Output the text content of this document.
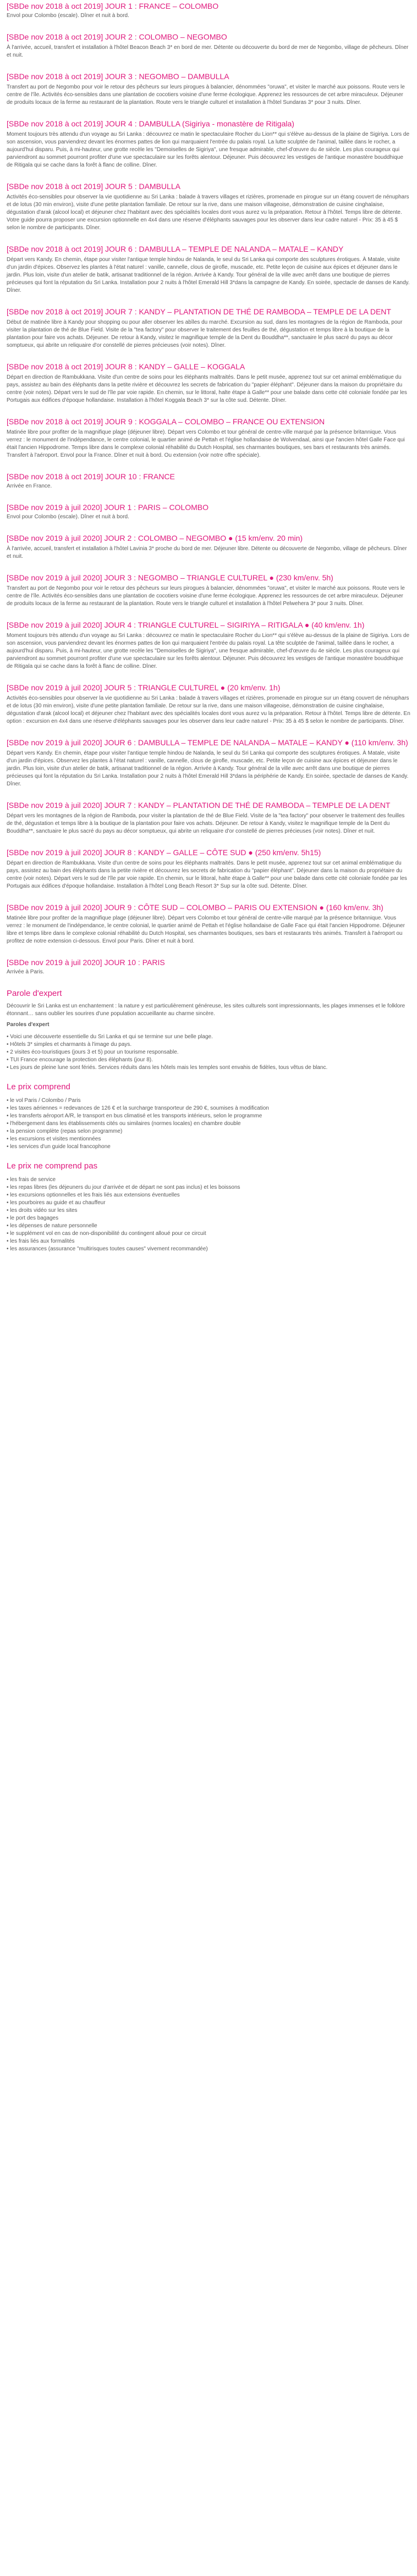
[SBDe nov 2018 à oct 2019] JOUR 1 : FRANCE – COLOMBO

Envol pour Colombo (escale). Dîner et nuit à bord.

[SBDe nov 2018 à oct 2019] JOUR 2 : COLOMBO – NEGOMBO

À l'arrivée, accueil, transfert et installation à l'hôtel Beacon Beach 3* en bord de mer. Détente ou découverte du bord de mer de Negombo, village de pêcheurs. Dîner et nuit.

[SBDe nov 2018 à oct 2019] JOUR 3 : NEGOMBO – DAMBULLA

Transfert au port de Negombo pour voir le retour des pêcheurs sur leurs pirogues à balancier, dénommées "oruwa", et visiter le marché aux poissons. Route vers le centre de l'île. Activités éco-sensibles dans une plantation de cocotiers voisine d'une ferme écologique. Apprenez les ressources de cet arbre miraculeux. Déjeuner de produits locaux de la ferme au restaurant de la plantation. Route vers le triangle culturel et installation à l'hôtel Sundaras 3* pour 3 nuits. Dîner.

[SBDe nov 2018 à oct 2019] JOUR 4 : DAMBULLA (Sigiriya - monastère de Ritigala)

Moment toujours très attendu d'un voyage au Sri Lanka : découvrez ce matin le spectaculaire Rocher du Lion** qui s'élève au-dessus de la plaine de Sigiriya. Lors de son ascension, vous parviendrez devant les énormes pattes de lion qui marquaient l'entrée du palais royal. La lutte sculptée de l'animal, taillée dans le rocher, a aujourd'hui disparu. Puis, à mi-hauteur, une grotte recèle les "Demoiselles de Sigiriya", une fresque admirable, chef-d'œuvre du 4e siècle. Les plus courageux qui parviendront au sommet pourront profiter d'une vue spectaculaire sur les forêts alentour. Déjeuner. Puis découvrez les vestiges de l'antique monastère bouddhique de Ritigala qui se cache dans la forêt à flanc de colline. Dîner.

[SBDe nov 2018 à oct 2019] JOUR 5 : DAMBULLA

Activités éco-sensibles pour observer la vie quotidienne au Sri Lanka : balade à travers villages et rizières, promenade en pirogue sur un étang couvert de nénuphars et de lotus (30 min environ), visite d'une petite plantation familiale. De retour sur la rive, dans une maison villageoise, démonstration de cuisine cinghalaise, dégustation d'arak (alcool local) et déjeuner chez l'habitant avec des spécialités locales dont vous aurez vu la préparation. Retour à l'hôtel. Temps libre de détente. Votre guide pourra proposer une excursion optionnelle en 4x4 dans une réserve d'éléphants sauvages pour les observer dans leur cadre naturel - Prix: 35 à 45 $ selon le nombre de participants. Dîner.

[SBDe nov 2018 à oct 2019] JOUR 6 : DAMBULLA – TEMPLE DE NALANDA – MATALE – KANDY

Départ vers Kandy. En chemin, étape pour visiter l'antique temple hindou de Nalanda, le seul du Sri Lanka qui comporte des sculptures érotiques. À Matale, visite d'un jardin d'épices. Observez les plantes à l'état naturel : vanille, cannelle, clous de girofle, muscade, etc. Petite leçon de cuisine aux épices et déjeuner dans le jardin. Plus loin, visite d'un atelier de batik, artisanat traditionnel de la région. Arrivée à Kandy. Tour général de la ville avec arrêt dans une boutique de pierres précieuses qui font la réputation du Sri Lanka. Installation pour 2 nuits à l'hôtel Emerald Hill 3*dans la campagne de Kandy. En soirée, spectacle de danses de Kandy. Dîner.

[SBDe nov 2018 à oct 2019] JOUR 7 : KANDY – PLANTATION DE THÉ DE RAMBODA – TEMPLE DE LA DENT

Début de matinée libre à Kandy pour shopping ou pour aller observer les abîles du marché. Excursion au sud, dans les montagnes de la région de Ramboda, pour visiter la plantation de thé de Blue Field. Visite de la "tea factory" pour observer le traitement des feuilles de thé, dégustation et temps libre à la boutique de la plantation pour faire vos achats. Déjeuner. De retour à Kandy, visitez le magnifique temple de la Dent du Bouddha**, sanctuaire le plus sacré du pays au décor somptueux, qui abrite un reliquaire d'or constellé de pierres précieuses (voir notes). Dîner.

[SBDe nov 2018 à oct 2019] JOUR 8 : KANDY – GALLE – KOGGALA

Départ en direction de Rambukkana. Visite d'un centre de soins pour les éléphants maltraités. Dans le petit musée, apprenez tout sur cet animal emblématique du pays, assistez au bain des éléphants dans la petite rivière et découvrez les secrets de fabrication du "papier éléphant". Déjeuner dans la maison du propriétaire du centre (voir notes). Départ vers le sud de l'île par voie rapide. En chemin, sur le littoral, halte étape à Galle** pour une balade dans cette cité coloniale fondée par les Portugais aux édifices d'époque hollandaise. Installation à l'hôtel Koggala Beach 3* sur la côte sud. Détente. Dîner.

[SBDe nov 2018 à oct 2019] JOUR 9 : KOGGALA – COLOMBO – FRANCE OU EXTENSION

Matinée libre pour profiter de la magnifique plage (déjeuner libre). Départ vers Colombo et tour général de centre-ville marqué par la présence britannique. Vous verrez : le monument de l'indépendance, le centre colonial, le quartier animé de Pettah et l'église hollandaise de Wolvendaal, ainsi que l'ancien hôtel Galle Face qui était l'ancien Hippodrome. Temps libre dans le complexe colonial réhabilité du Dutch Hospital, ses charmantes boutiques, ses bars et restaurants très animés. Transfert à l'aéroport. Envol pour la France. Dîner et nuit à bord. Ou extension (voir notre offre spéciale).

[SBDe nov 2018 à oct 2019] JOUR 10 : FRANCE

Arrivée en France.

[SBDe nov 2019 à juil 2020] JOUR 1 : PARIS – COLOMBO

Envol pour Colombo (escale). Dîner et nuit à bord.

[SBDe nov 2019 à juil 2020] JOUR 2 : COLOMBO – NEGOMBO ● (15 km/env. 20 min)

À l'arrivée, accueil, transfert et installation à l'hôtel Lavinia 3* proche du bord de mer. Déjeuner libre. Détente ou découverte de Negombo, village de pêcheurs. Dîner et nuit.

[SBDe nov 2019 à juil 2020] JOUR 3 : NEGOMBO – TRIANGLE CULTUREL ● (230 km/env. 5h)

Transfert au port de Negombo pour voir le retour des pêcheurs sur leurs pirogues à balancier, dénommées "oruwa", et visiter le marché aux poissons. Route vers le centre de l'île. Activités éco-sensibles dans une plantation de cocotiers voisine d'une ferme écologique. Apprenez les ressources de cet arbre miraculeux. Déjeuner de produits locaux de la ferme au restaurant de la plantation. Route vers le triangle culturel et installation à l'hôtel Pelwehera 3* pour 3 nuits. Dîner.

[SBDe nov 2019 à juil 2020] JOUR 4 : TRIANGLE CULTUREL – SIGIRIYA – RITIGALA ● (40 km/env. 1h)

Moment toujours très attendu d'un voyage au Sri Lanka : découvrez ce matin le spectaculaire Rocher du Lion** qui s'élève au-dessus de la plaine de Sigiriya. Lors de son ascension, vous parviendrez devant les énormes pattes de lion qui marquaient l'entrée du palais royal. La tête sculptée de l'animal, taillée dans le rocher, a aujourd'hui disparu. Puis, à mi-hauteur, une grotte recèle les "Demoiselles de Sigiriya", une fresque admirable, chef-d'œuvre du 4e siècle. Les plus courageux qui parviendront au sommet pourront profiter d'une vue spectaculaire sur les forêts alentour. Déjeuner. Puis découvrez les vestiges de l'antique monastère bouddhique de Ritigala qui se cache dans la forêt à flanc de colline. Dîner.

[SBDe nov 2019 à juil 2020] JOUR 5 : TRIANGLE CULTUREL ● (20 km/env. 1h)

Activités éco-sensibles pour observer la vie quotidienne au Sri Lanka : balade à travers villages et rizières, promenade en pirogue sur un étang couvert de nénuphars et de lotus (30 min environ), visite d'une petite plantation familiale. De retour sur la rive, dans une maison villageoise, démonstration de cuisine cinghalaise, dégustation d'arak (alcool local) et déjeuner chez l'habitant avec des spécialités locales dont vous aurez vu la préparation. Retour à l'hôtel. Temps libre de détente. En option : excursion en 4x4 dans une réserve d'éléphants sauvages pour les observer dans leur cadre naturel - Prix: 35 à 45 $ selon le nombre de participants. Dîner.

[SBDe nov 2019 à juil 2020] JOUR 6 : DAMBULLA – TEMPLE DE NALANDA – MATALE – KANDY ● (110 km/env. 3h)

Départ vers Kandy. En chemin, étape pour visiter l'antique temple hindou de Nalanda, le seul du Sri Lanka qui comporte des sculptures érotiques. À Matale, visite d'un jardin d'épices. Observez les plantes à l'état naturel : vanille, cannelle, clous de girofle, muscade, etc. Petite leçon de cuisine aux épices et déjeuner dans le jardin. Plus loin, visite d'un atelier de batik, artisanat traditionnel de la région. Arrivée à Kandy. Tour général de la ville avec arrêt dans une boutique de pierres précieuses qui font la réputation du Sri Lanka. Installation pour 2 nuits à l'hôtel Emerald Hill 3*dans la périphérie de Kandy. En soirée, spectacle de danses de Kandy. Dîner.

[SBDe nov 2019 à juil 2020] JOUR 7 : KANDY – PLANTATION DE THÉ DE RAMBODA – TEMPLE DE LA DENT

Départ vers les montagnes de la région de Ramboda, pour visiter la plantation de thé de Blue Field. Visite de la "tea factory" pour observer le traitement des feuilles de thé, dégustation et temps libre à la boutique de la plantation pour faire vos achats. Déjeuner. De retour à Kandy, visitez le magnifique temple de la Dent du Bouddha**, sanctuaire le plus sacré du pays au décor somptueux, qui abrite un reliquaire d'or constellé de pierres précieuses (voir notes). Dîner et nuit.

[SBDe nov 2019 à juil 2020] JOUR 8 : KANDY – GALLE – CÔTE SUD ● (250 km/env. 5h15)

Départ en direction de Rambukkana. Visite d'un centre de soins pour les éléphants maltraités. Dans le petit musée, apprenez tout sur cet animal emblématique du pays, assistez au bain des éléphants dans la petite rivière et découvrez les secrets de fabrication du "papier éléphant". Déjeuner dans la maison du propriétaire du centre (voir notes). Départ vers le sud de l'île par voie rapide. En chemin, sur le littoral, halte étape à Galle** pour une balade dans cette cité coloniale fondée par les Portugais aux édifices d'époque hollandaise. Installation à l'hôtel Long Beach Resort 3* Sup sur la côte sud. Détente. Dîner.

[SBDe nov 2019 à juil 2020] JOUR 9 : CÔTE SUD – COLOMBO – PARIS OU EXTENSION ● (160 km/env. 3h)

Matinée libre pour profiter de la magnifique plage (déjeuner libre). Départ vers Colombo et tour général de centre-ville marqué par la présence britannique. Vous verrez : le monument de l'indépendance, le centre colonial, le quartier animé de Pettah et l'église hollandaise de Galle Face qui était l'ancien Hippodrome. Déjeuner libre et temps libre dans le complexe colonial réhabilité du Dutch Hospital, ses charmantes boutiques, ses bars et restaurants très animés. Transfert à l'aéroport ou profitez de notre extension ci-dessous. Envol pour Paris. Dîner et nuit à bord.

[SBDe nov 2019 à juil 2020] JOUR 10 : PARIS

Arrivée à Paris.

Parole d'expert

Découvrir le Sri Lanka est un enchantement : la nature y est particulièrement généreuse, les sites culturels sont impressionnants, les plages immenses et le folklore étonnant… sans oublier les sourires d'une population accueillante au charme sincère.

Paroles d'expert

• Voici une découverte essentielle du Sri Lanka et qui se termine sur une belle plage.
• Hôtels 3* simples et charmants à l'image du pays.
• 2 visites éco-touristiques (jours 3 et 5) pour un tourisme responsable.
• TUI France encourage la protection des éléphants (jour 8).
• Les jours de pleine lune sont fériés. Services réduits dans les hôtels mais les temples sont envahis de fidèles, tous vêtus de blanc.
Le prix comprend
• le vol Paris / Colombo / Paris
• les taxes aériennes = redevances de 126 € et la surcharge transporteur de 290 €, soumises à modification
• les transferts aéroport A/R, le transport en bus climatisé et les transports intérieurs, selon le programme
• l'hébergement dans les établissements cités ou similaires (normes locales) en chambre double
• la pension complète (repas selon programme)
• les excursions et visites mentionnées
• les services d'un guide local francophone
Le prix ne comprend pas
• les frais de service
• les repas libres (les déjeuners du jour d'arrivée et de départ ne sont pas inclus) et les boissons
• les excursions optionnelles et les frais liés aux extensions éventuelles
• les pourboires au guide et au chauffeur
• les droits vidéo sur les sites
• le port des bagages
• les dépenses de nature personnelle
• le supplément vol en cas de non-disponibilité du contingent alloué pour ce circuit
• les frais liés aux formalités
• les assurances (assurance "multirisques toutes causes" vivement recommandée)
